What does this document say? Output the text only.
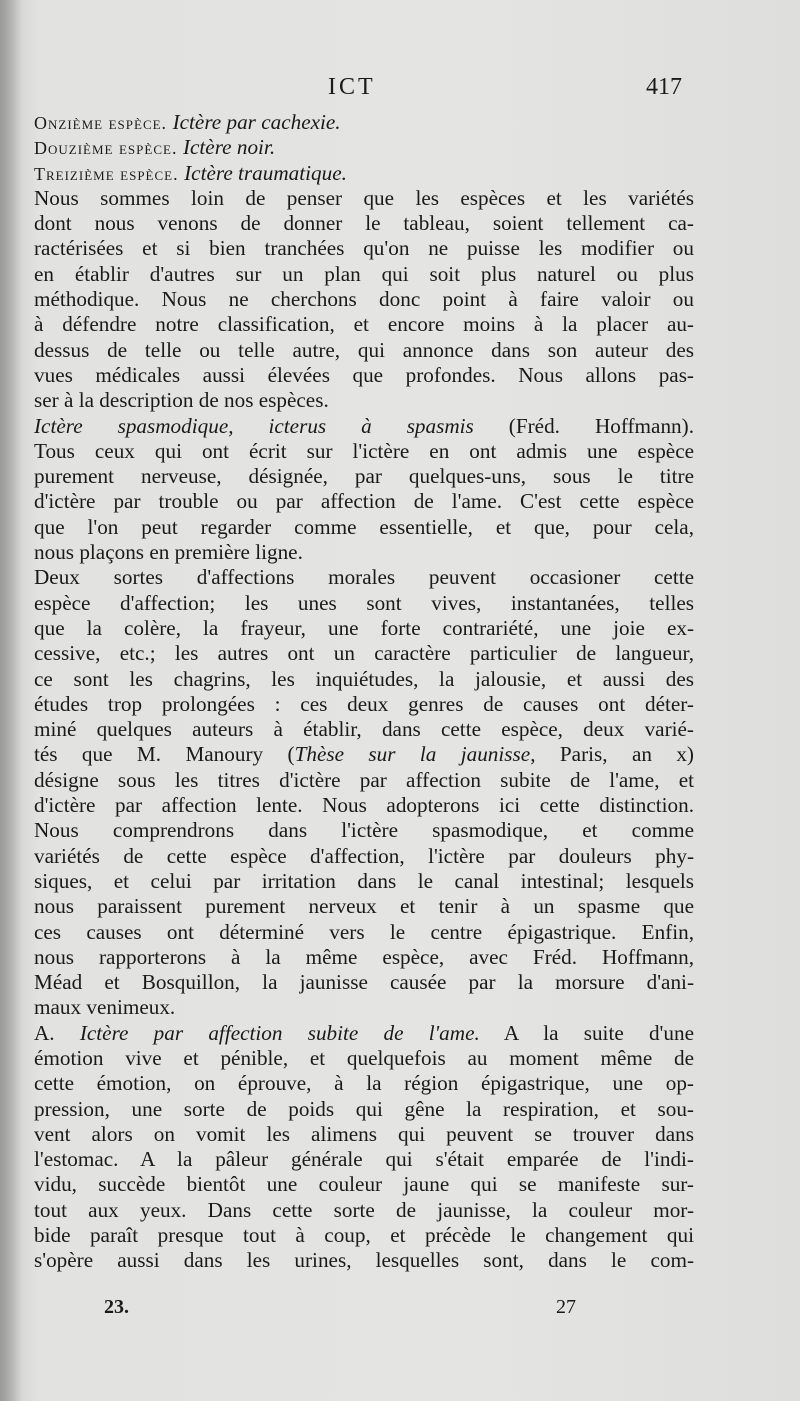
ICT	417
Onzième espèce. Ictère par cachexie.
Douzième espèce. Ictère noir.
Treizième espèce. Ictère traumatique.
Nous sommes loin de penser que les espèces et les variétés
dont nous venons de donner le tableau, soient tellement ca-
ractérisées et si bien tranchées qu'on ne puisse les modifier ou
en établir d'autres sur un plan qui soit plus naturel ou plus
méthodique. Nous ne cherchons donc point à faire valoir ou
à défendre notre classification, et encore moins à la placer au-
dessus de telle ou telle autre, qui annonce dans son auteur des
vues médicales aussi élevées que profondes. Nous allons pas-
ser à la description de nos espèces.
Ictère spasmodique, icterus à spasmis (Fréd. Hoffmann).
Tous ceux qui ont écrit sur l'ictère en ont admis une espèce
purement nerveuse, désignée, par quelques-uns, sous le titre
d'ictère par trouble ou par affection de l'ame. C'est cette espèce
que l'on peut regarder comme essentielle, et que, pour cela,
nous plaçons en première ligne.
Deux sortes d'affections morales peuvent occasioner cette
espèce d'affection; les unes sont vives, instantanées, telles
que la colère, la frayeur, une forte contrariété, une joie ex-
cessive, etc.; les autres ont un caractère particulier de langueur,
ce sont les chagrins, les inquiétudes, la jalousie, et aussi des
études trop prolongées : ces deux genres de causes ont déter-
miné quelques auteurs à établir, dans cette espèce, deux varié-
tés que M. Manoury (Thèse sur la jaunisse, Paris, an x)
désigne sous les titres d'ictère par affection subite de l'ame, et
d'ictère par affection lente. Nous adopterons ici cette distinction.
Nous comprendrons dans l'ictère spasmodique, et comme
variétés de cette espèce d'affection, l'ictère par douleurs phy-
siques, et celui par irritation dans le canal intestinal; lesquels
nous paraissent purement nerveux et tenir à un spasme que
ces causes ont déterminé vers le centre épigastrique. Enfin,
nous rapporterons à la même espèce, avec Fréd. Hoffmann,
Méad et Bosquillon, la jaunisse causée par la morsure d'ani-
maux venimeux.
A. Ictère par affection subite de l'ame. A la suite d'une
émotion vive et pénible, et quelquefois au moment même de
cette émotion, on éprouve, à la région épigastrique, une op-
pression, une sorte de poids qui gêne la respiration, et sou-
vent alors on vomit les alimens qui peuvent se trouver dans
l'estomac. A la pâleur générale qui s'était emparée de l'indi-
vidu, succède bientôt une couleur jaune qui se manifeste sur-
tout aux yeux. Dans cette sorte de jaunisse, la couleur mor-
bide paraît presque tout à coup, et précède le changement qui
s'opère aussi dans les urines, lesquelles sont, dans le com-
23.	27
